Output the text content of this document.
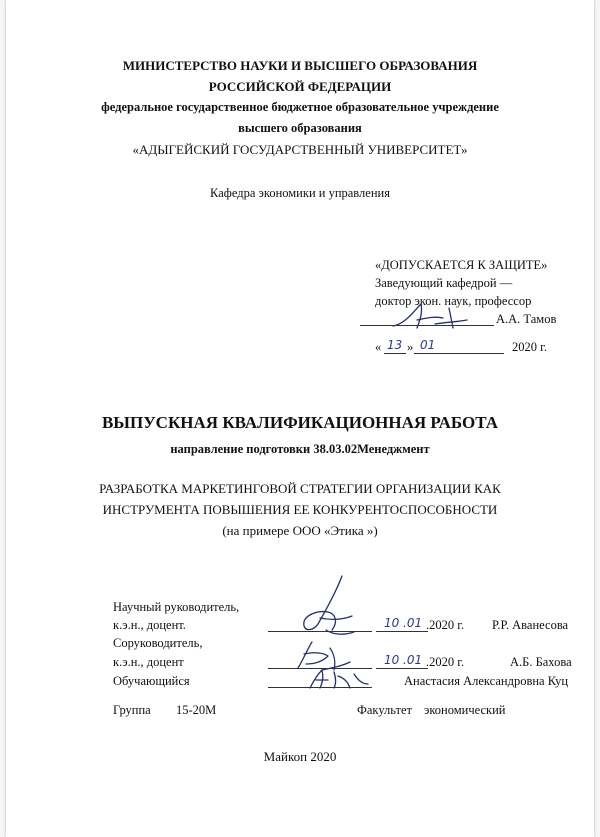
МИНИСТЕРСТВО НАУКИ И ВЫСШЕГО ОБРАЗОВАНИЯ
РОССИЙСКОЙ ФЕДЕРАЦИИ
федеральное государственное бюджетное образовательное учреждение
высшего образования
«АДЫГЕЙСКИЙ ГОСУДАРСТВЕННЫЙ УНИВЕРСИТЕТ»
Кафедра экономики и управления
«ДОПУСКАЕТСЯ К ЗАЩИТЕ»
Заведующий кафедрой —
доктор экон. наук, профессор
А.А. Тамов
« 13 » 01	2020 г.
ВЫПУСКНАЯ КВАЛИФИКАЦИОННАЯ РАБОТА
направление подготовки 38.03.02Менеджмент
РАЗРАБОТКА МАРКЕТИНГОВОЙ СТРАТЕГИИ ОРГАНИЗАЦИИ КАК
ИНСТРУМЕНТА ПОВЫШЕНИЯ ЕЕ КОНКУРЕНТОСПОСОБНОСТИ
(на примере ООО «Этика »)
Научный руководитель,
к.э.н., доцент.	10 .01 .2020 г. Р.Р. Аванесова
Соруководитель,
к.э.н., доцент	10 .01 .2020 г.	А.Б. Бахова
Обучающийся	Анастасия Александровна Куц
Группа 15-20М	Факультет экономический
Майкоп 2020
